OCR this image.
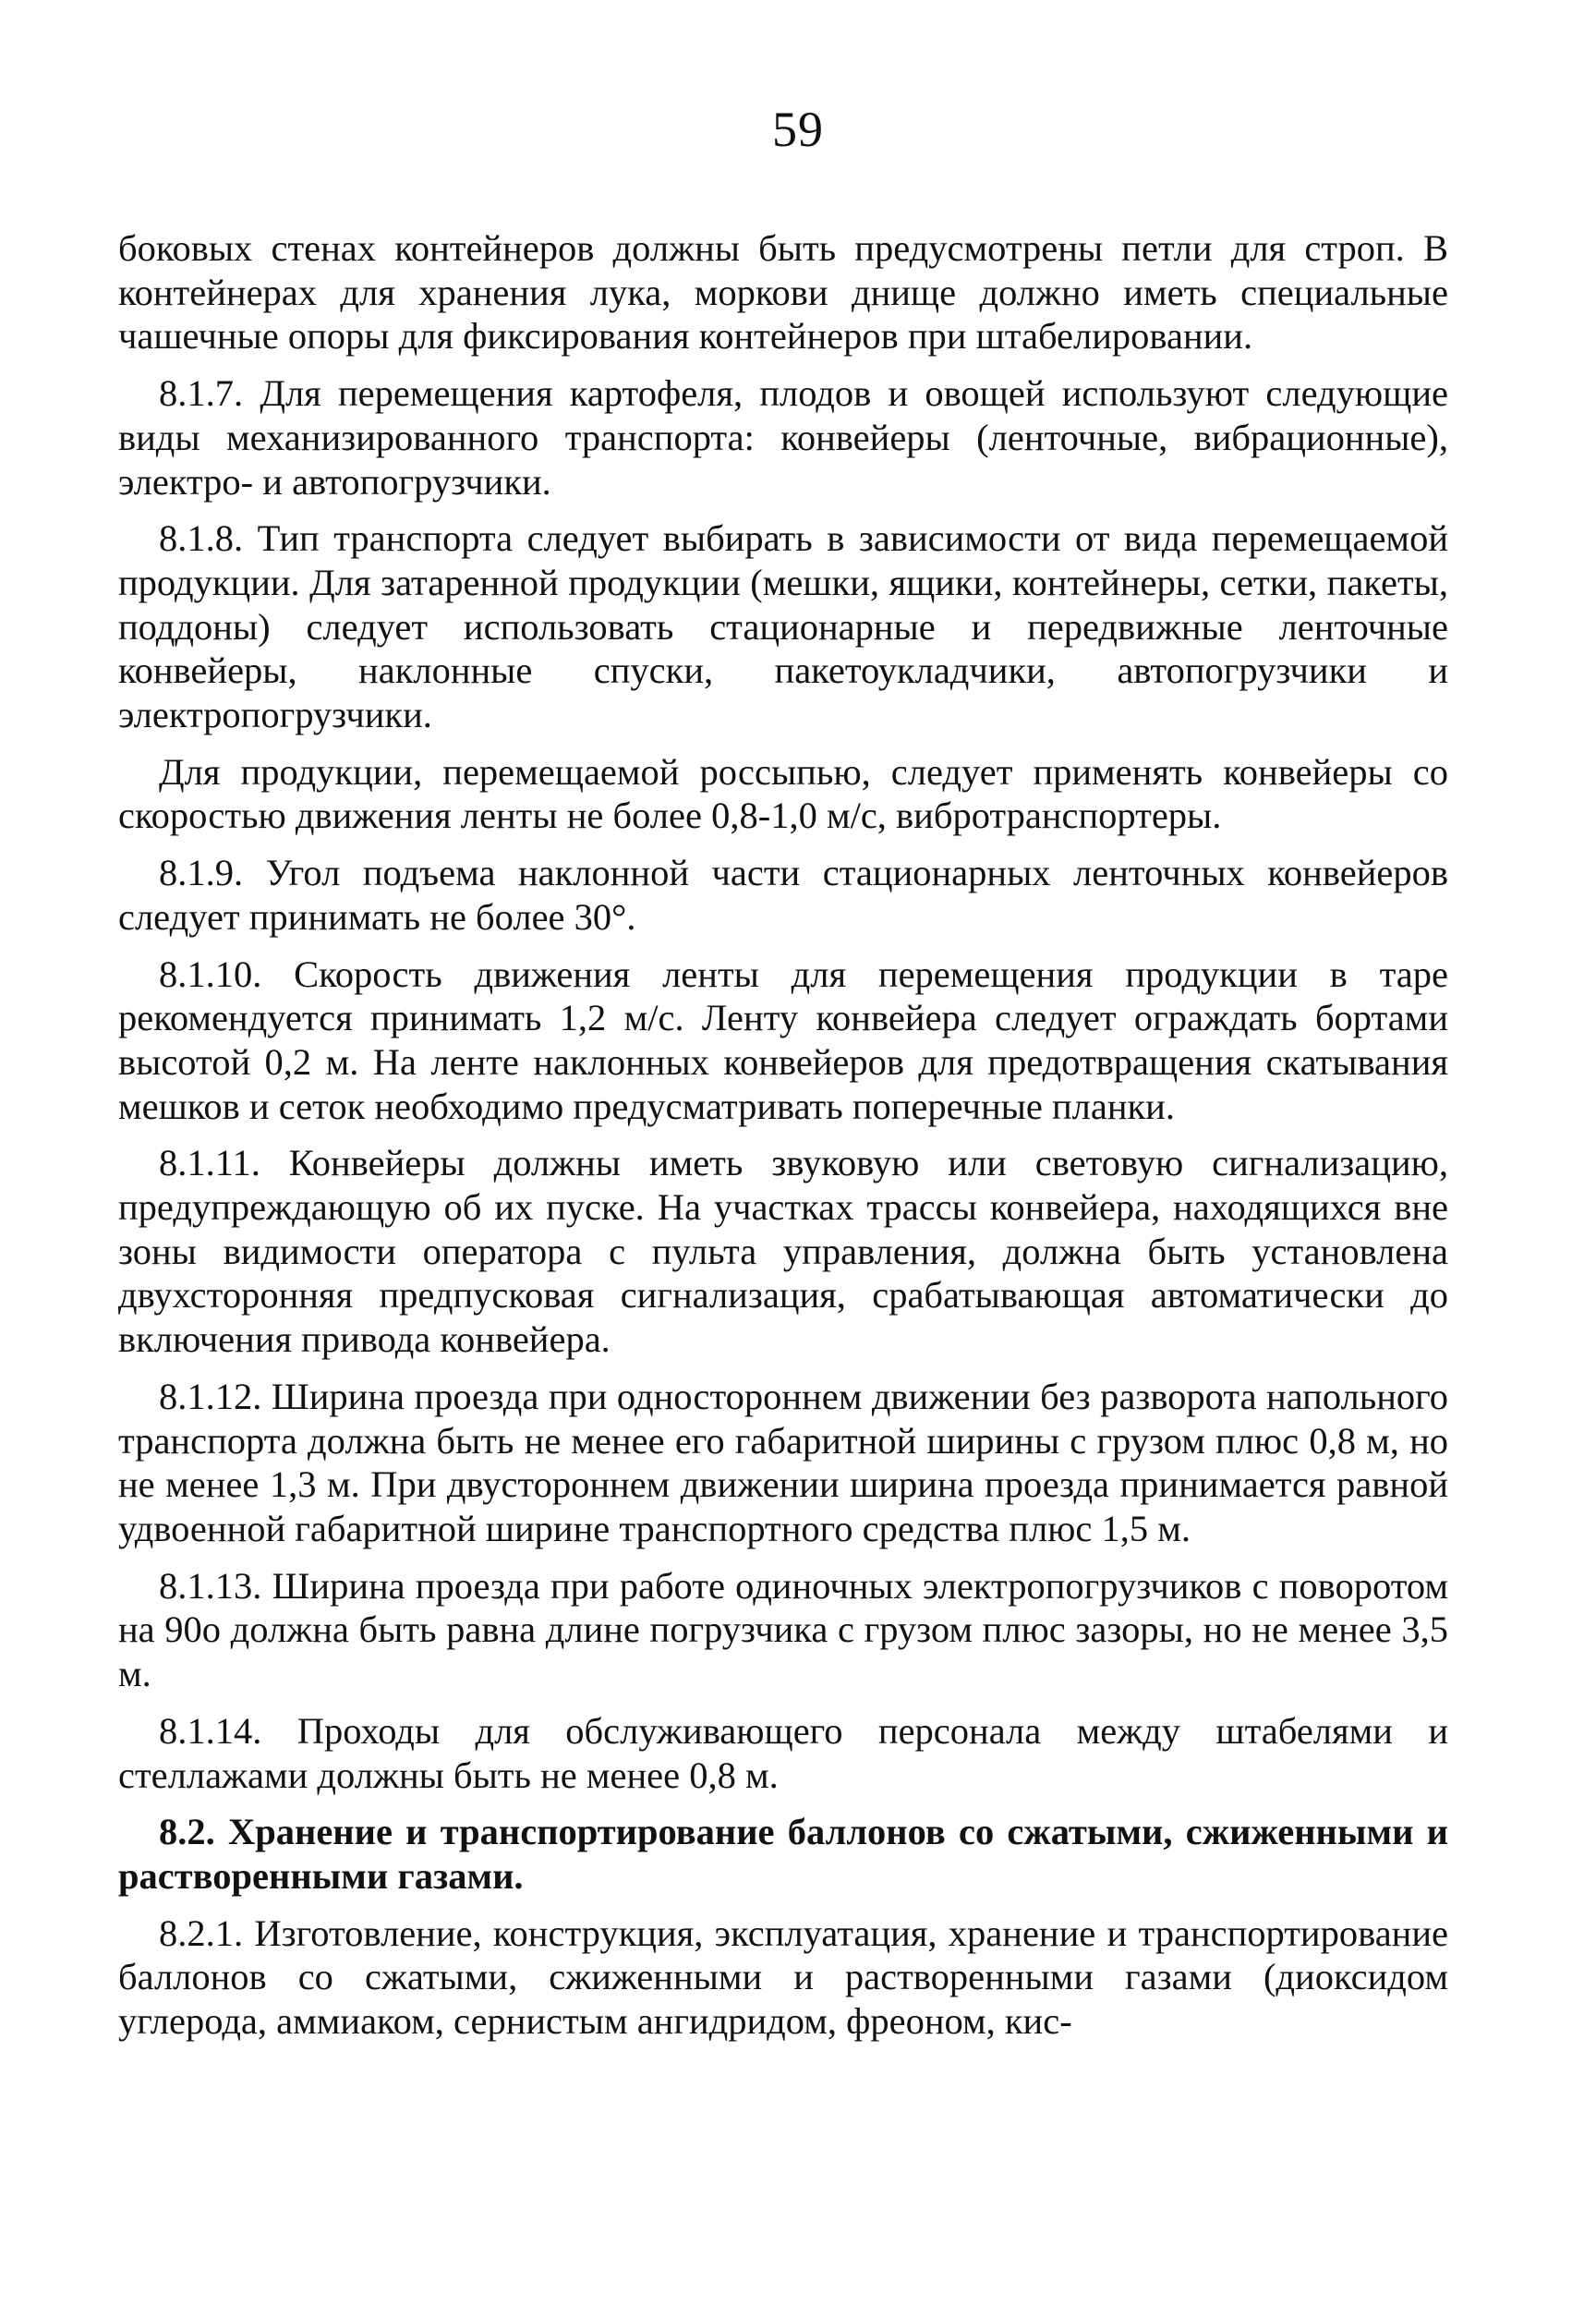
59

боковых стенах контейнеров должны быть предусмотрены петли для строп. В контейнерах для хранения лука, моркови днище должно иметь специальные чашечные опоры для фиксирования контейнеров при штабелировании.

8.1.7. Для перемещения картофеля, плодов и овощей используют следующие виды механизированного транспорта: конвейеры (ленточные, вибрационные), электро- и автопогрузчики.

8.1.8. Тип транспорта следует выбирать в зависимости от вида перемещаемой продукции. Для затаренной продукции (мешки, ящики, контейнеры, сетки, пакеты, поддоны) следует использовать стационарные и передвижные ленточные конвейеры, наклонные спуски, пакетоукладчики, автопогрузчики и электропогрузчики.

Для продукции, перемещаемой россыпью, следует применять конвейеры со скоростью движения ленты не более 0,8-1,0 м/с, вибротранспортеры.

8.1.9. Угол подъема наклонной части стационарных ленточных конвейеров следует принимать не более 30°.

8.1.10. Скорость движения ленты для перемещения продукции в таре рекомендуется принимать 1,2 м/с. Ленту конвейера следует ограждать бортами высотой 0,2 м. На ленте наклонных конвейеров для предотвращения скатывания мешков и сеток необходимо предусматривать поперечные планки.

8.1.11. Конвейеры должны иметь звуковую или световую сигнализацию, предупреждающую об их пуске. На участках трассы конвейера, находящихся вне зоны видимости оператора с пульта управления, должна быть установлена двухсторонняя предпусковая сигнализация, срабатывающая автоматически до включения привода конвейера.

8.1.12. Ширина проезда при одностороннем движении без разворота напольного транспорта должна быть не менее его габаритной ширины с грузом плюс 0,8 м, но не менее 1,3 м. При двустороннем движении ширина проезда принимается равной удвоенной габаритной ширине транспортного средства плюс 1,5 м.

8.1.13. Ширина проезда при работе одиночных электропогрузчиков с поворотом на 90о должна быть равна длине погрузчика с грузом плюс зазоры, но не менее 3,5 м.

8.1.14. Проходы для обслуживающего персонала между штабелями и стеллажами должны быть не менее 0,8 м.

8.2. Хранение и транспортирование баллонов со сжатыми, сжиженными и растворенными газами.

8.2.1. Изготовление, конструкция, эксплуатация, хранение и транспортирование баллонов со сжатыми, сжиженными и растворенными газами (диоксидом углерода, аммиаком, сернистым ангидридом, фреоном, кис-
